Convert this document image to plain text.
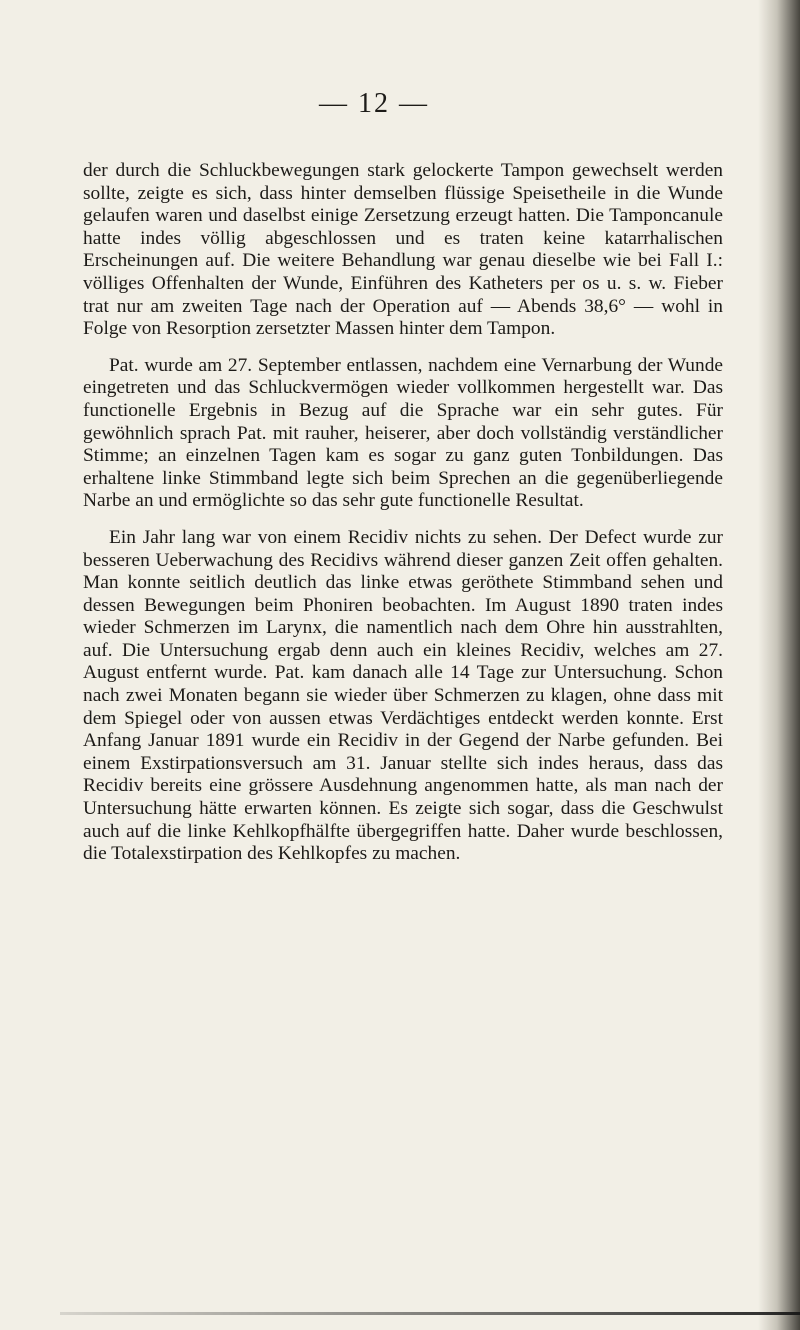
— 12 —

der durch die Schluckbewegungen stark gelockerte Tampon gewechselt werden sollte, zeigte es sich, dass hinter demselben flüssige Speisetheile in die Wunde gelaufen waren und daselbst einige Zersetzung erzeugt hatten. Die Tamponcanule hatte indes völlig abgeschlossen und es traten keine katarrhalischen Erscheinungen auf. Die weitere Behandlung war genau dieselbe wie bei Fall I.: völliges Offenhalten der Wunde, Einführen des Katheters per os u. s. w. Fieber trat nur am zweiten Tage nach der Operation auf — Abends 38,6° — wohl in Folge von Resorption zersetzter Massen hinter dem Tampon.

Pat. wurde am 27. September entlassen, nachdem eine Vernarbung der Wunde eingetreten und das Schluckvermögen wieder vollkommen hergestellt war. Das functionelle Ergebnis in Bezug auf die Sprache war ein sehr gutes. Für gewöhnlich sprach Pat. mit rauher, heiserer, aber doch vollständig verständlicher Stimme; an einzelnen Tagen kam es sogar zu ganz guten Tonbildungen. Das erhaltene linke Stimmband legte sich beim Sprechen an die gegenüberliegende Narbe an und ermöglichte so das sehr gute functionelle Resultat.

Ein Jahr lang war von einem Recidiv nichts zu sehen. Der Defect wurde zur besseren Ueberwachung des Recidivs während dieser ganzen Zeit offen gehalten. Man konnte seitlich deutlich das linke etwas geröthete Stimmband sehen und dessen Bewegungen beim Phoniren beobachten. Im August 1890 traten indes wieder Schmerzen im Larynx, die namentlich nach dem Ohre hin ausstrahlten, auf. Die Untersuchung ergab denn auch ein kleines Recidiv, welches am 27. August entfernt wurde. Pat. kam danach alle 14 Tage zur Untersuchung. Schon nach zwei Monaten begann sie wieder über Schmerzen zu klagen, ohne dass mit dem Spiegel oder von aussen etwas Verdächtiges entdeckt werden konnte. Erst Anfang Januar 1891 wurde ein Recidiv in der Gegend der Narbe gefunden. Bei einem Exstirpationsversuch am 31. Januar stellte sich indes heraus, dass das Recidiv bereits eine grössere Ausdehnung angenommen hatte, als man nach der Untersuchung hätte erwarten können. Es zeigte sich sogar, dass die Geschwulst auch auf die linke Kehlkopfhälfte übergegriffen hatte. Daher wurde beschlossen, die Totalexstirpation des Kehlkopfes zu machen.
